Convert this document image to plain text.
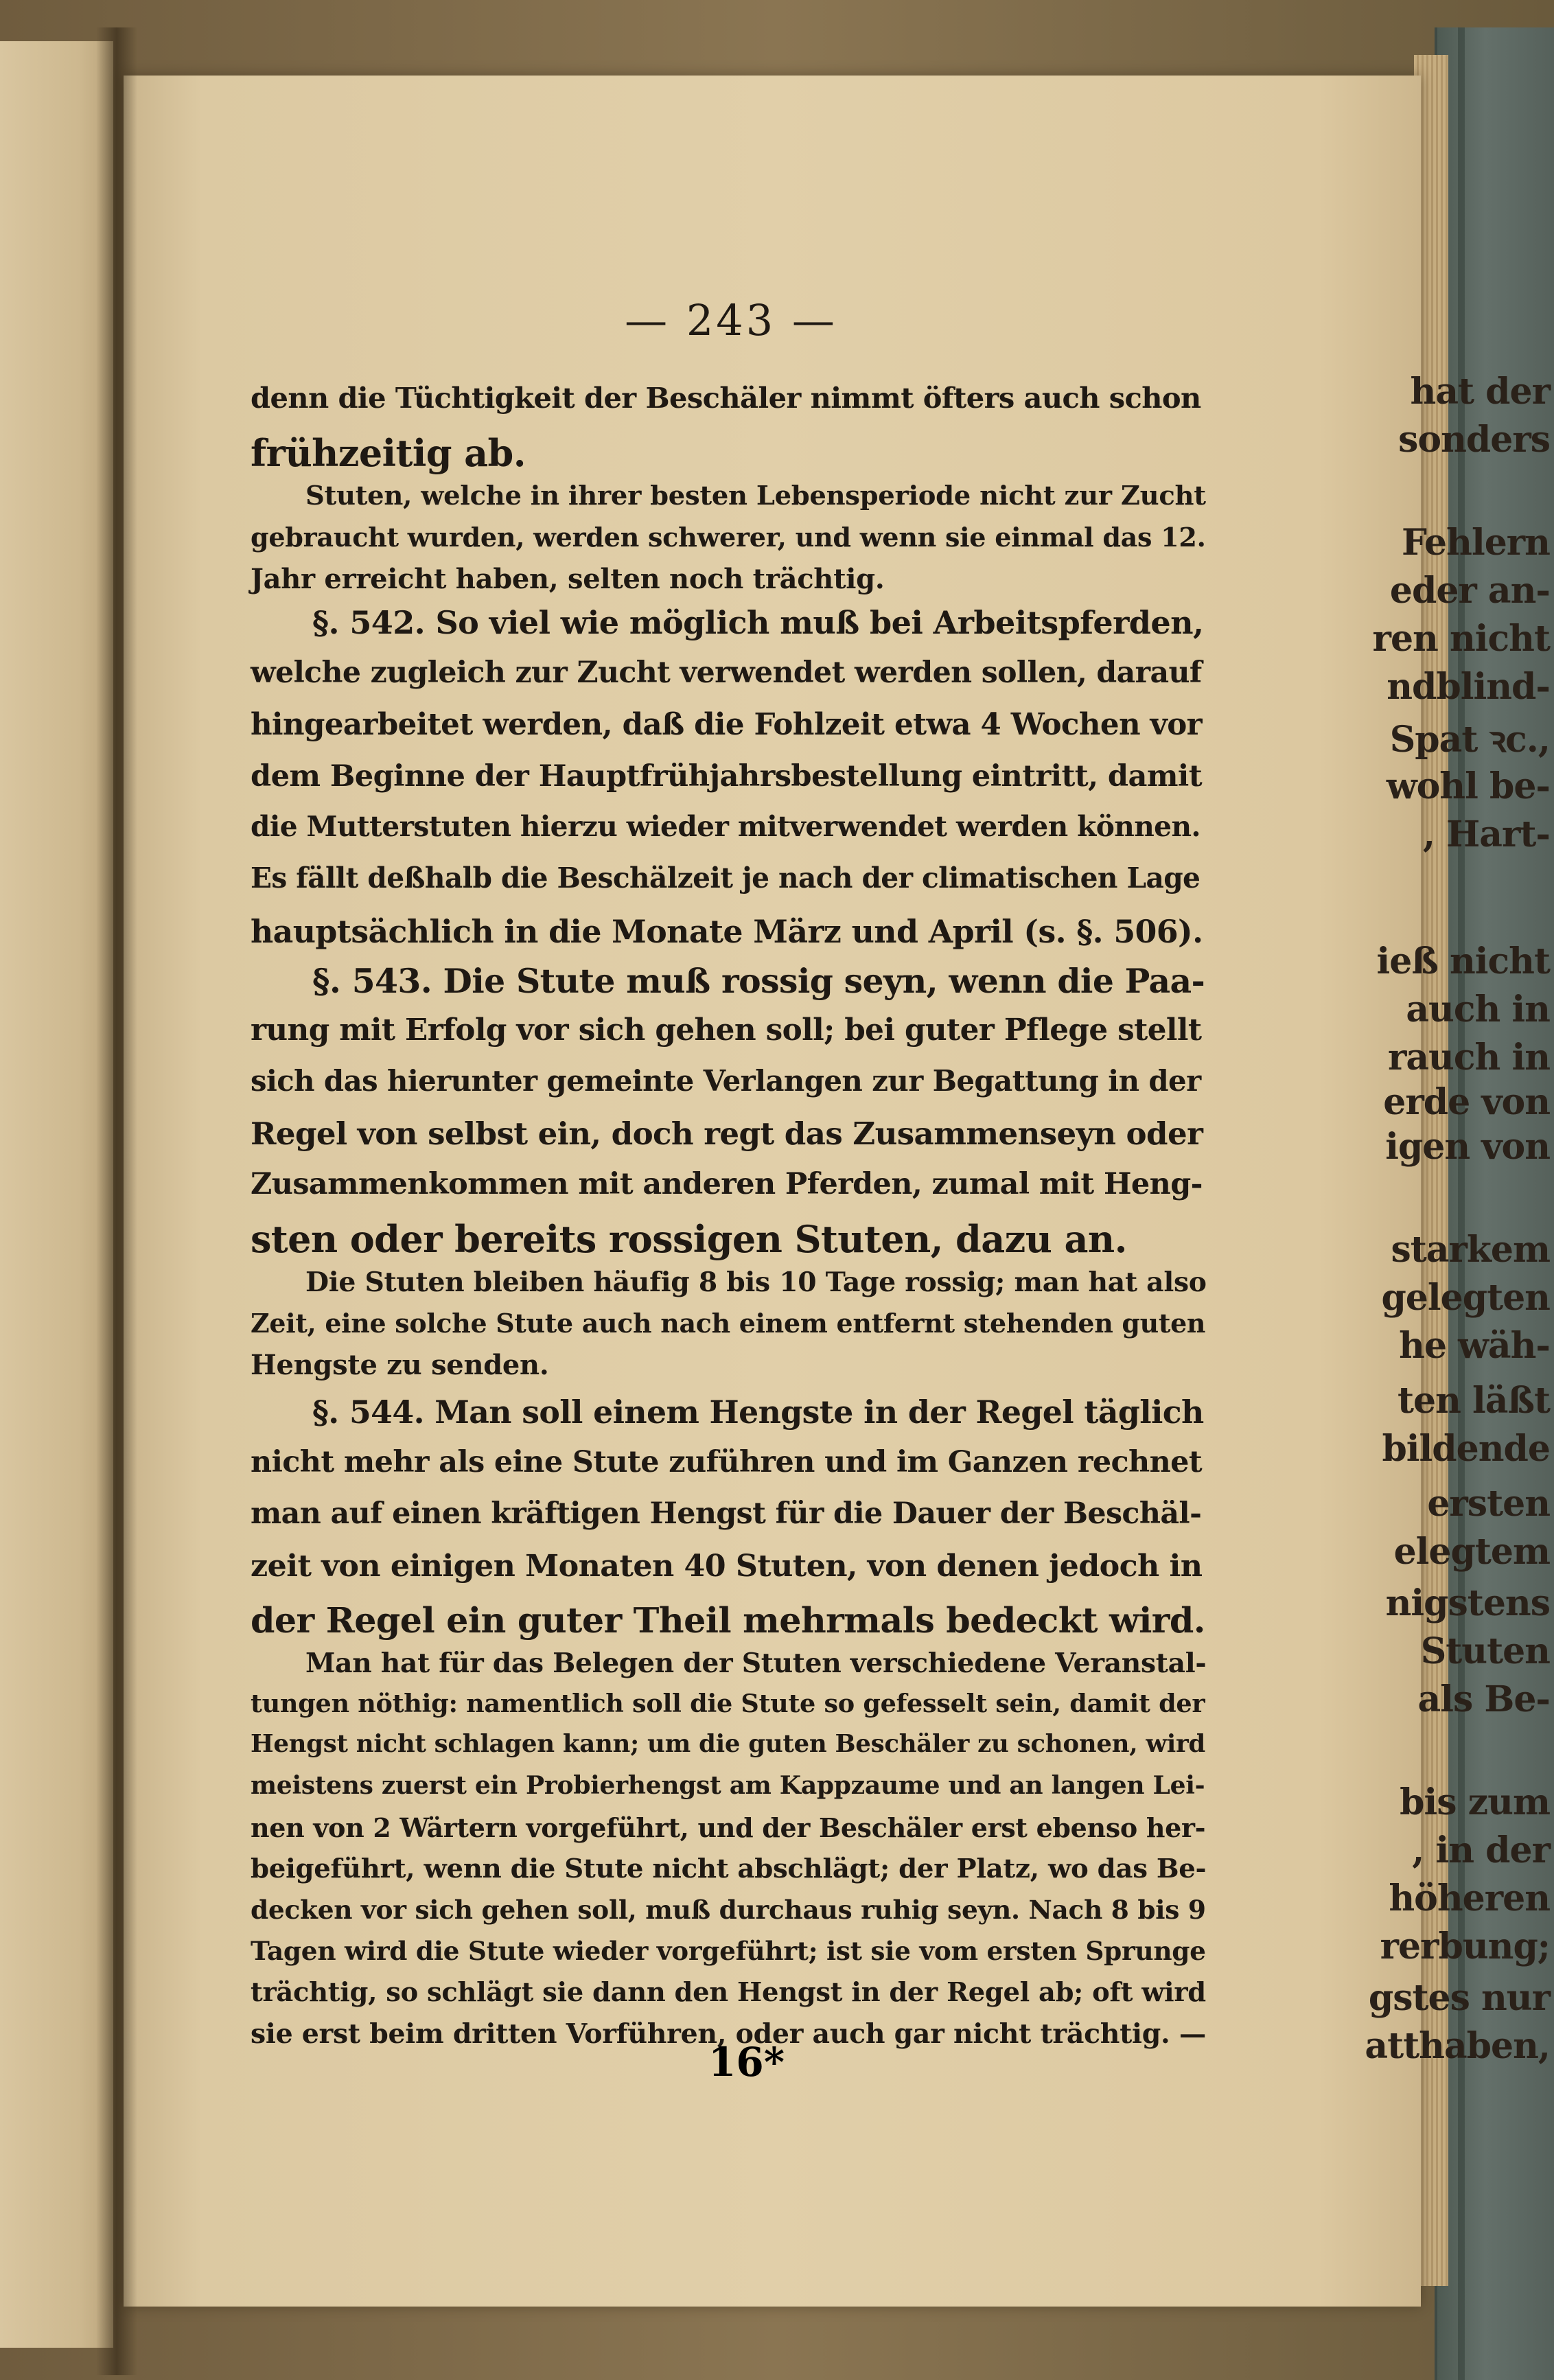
hat der
sonders
Fehlern
eder an-
ren nicht
ndblind-
Spat ꝛc.,
wohl be-
, Hart-
ieß nicht
auch in
rauch in
erde von
igen von
starkem
gelegten
he wäh-
ten läßt
bildende
ersten
elegtem
nigstens
Stuten
als Be-
bis zum
, in der
höheren
rerbung;
gstes nur
atthaben,
— 243 —
denn die Tüchtigkeit der Beschäler nimmt öfters auch schon
frühzeitig ab.
Stuten, welche in ihrer besten Lebensperiode nicht zur Zucht
gebraucht wurden, werden schwerer, und wenn sie einmal das 12.
Jahr erreicht haben, selten noch trächtig.
§. 542. So viel wie möglich muß bei Arbeitspferden,
welche zugleich zur Zucht verwendet werden sollen, darauf
hingearbeitet werden, daß die Fohlzeit etwa 4 Wochen vor
dem Beginne der Hauptfrühjahrsbestellung eintritt, damit
die Mutterstuten hierzu wieder mitverwendet werden können.
Es fällt deßhalb die Beschälzeit je nach der climatischen Lage
hauptsächlich in die Monate März und April (s. §. 506).
§. 543. Die Stute muß rossig seyn, wenn die Paa-
rung mit Erfolg vor sich gehen soll; bei guter Pflege stellt
sich das hierunter gemeinte Verlangen zur Begattung in der
Regel von selbst ein, doch regt das Zusammenseyn oder
Zusammenkommen mit anderen Pferden, zumal mit Heng-
sten oder bereits rossigen Stuten, dazu an.
Die Stuten bleiben häufig 8 bis 10 Tage rossig; man hat also
Zeit, eine solche Stute auch nach einem entfernt stehenden guten
Hengste zu senden.
§. 544. Man soll einem Hengste in der Regel täglich
nicht mehr als eine Stute zuführen und im Ganzen rechnet
man auf einen kräftigen Hengst für die Dauer der Beschäl-
zeit von einigen Monaten 40 Stuten, von denen jedoch in
der Regel ein guter Theil mehrmals bedeckt wird.
Man hat für das Belegen der Stuten verschiedene Veranstal-
tungen nöthig: namentlich soll die Stute so gefesselt sein, damit der
Hengst nicht schlagen kann; um die guten Beschäler zu schonen, wird
meistens zuerst ein Probierhengst am Kappzaume und an langen Lei-
nen von 2 Wärtern vorgeführt, und der Beschäler erst ebenso her-
beigeführt, wenn die Stute nicht abschlägt; der Platz, wo das Be-
decken vor sich gehen soll, muß durchaus ruhig seyn. Nach 8 bis 9
Tagen wird die Stute wieder vorgeführt; ist sie vom ersten Sprunge
trächtig, so schlägt sie dann den Hengst in der Regel ab; oft wird
sie erst beim dritten Vorführen, oder auch gar nicht trächtig. —
16*
